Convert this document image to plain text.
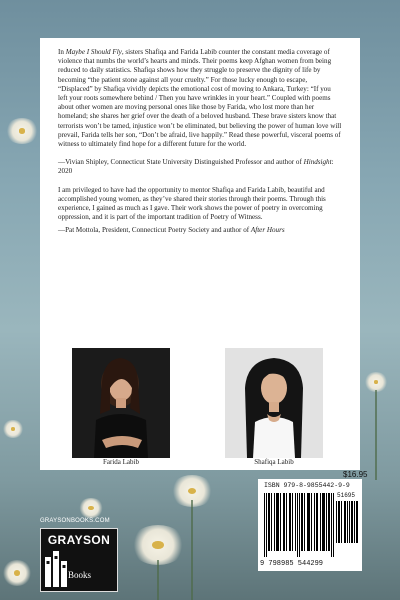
In Maybe I Should Fly, sisters Shafiqa and Farida Labib counter the constant media coverage of violence that numbs the world’s hearts and minds. Their poems keep Afghan women from being reduced to daily statistics. Shafiqa shows how they struggle to preserve the dignity of life by becoming “the patient stone against all your cruelty.” For those lucky enough to escape, “Displaced” by Shafiqa vividly depicts the emotional cost of moving to Ankara, Turkey: “If you left your roots somewhere behind / Then you have wrinkles in your heart.” Coupled with poems about other women are moving personal ones like those by Farida, who lost more than her homeland; she shares her grief over the death of a beloved husband. These brave sisters know that terrorists won’t be tamed, injustice won’t be eliminated, but believing the power of human love will prevail, Farida tells her son, “Don’t be afraid, live happily.” Read these powerful, visceral poems of witness to ultimately find hope for a different future for the world.

—Vivian Shipley, Connecticut State University Distinguished Professor and author of Hindsight: 2020

I am privileged to have had the opportunity to mentor Shafiqa and Farida Labib, beautiful and accomplished young women, as they’ve shared their stories through their poems. Through this experience, I gained as much as I gave. Their work shows the power of poetry in overcoming oppression, and it is part of the important tradition of Poetry of Witness.

—Pat Mottola, President, Connecticut Poetry Society and author of After Hours

Farida Labib	Shafiqa Labib
$16.95
ISBN 979-8-9855442-9-9
51695
9 798985 544299
GRAYSONBOOKS.COM
GRAYSON
Books
